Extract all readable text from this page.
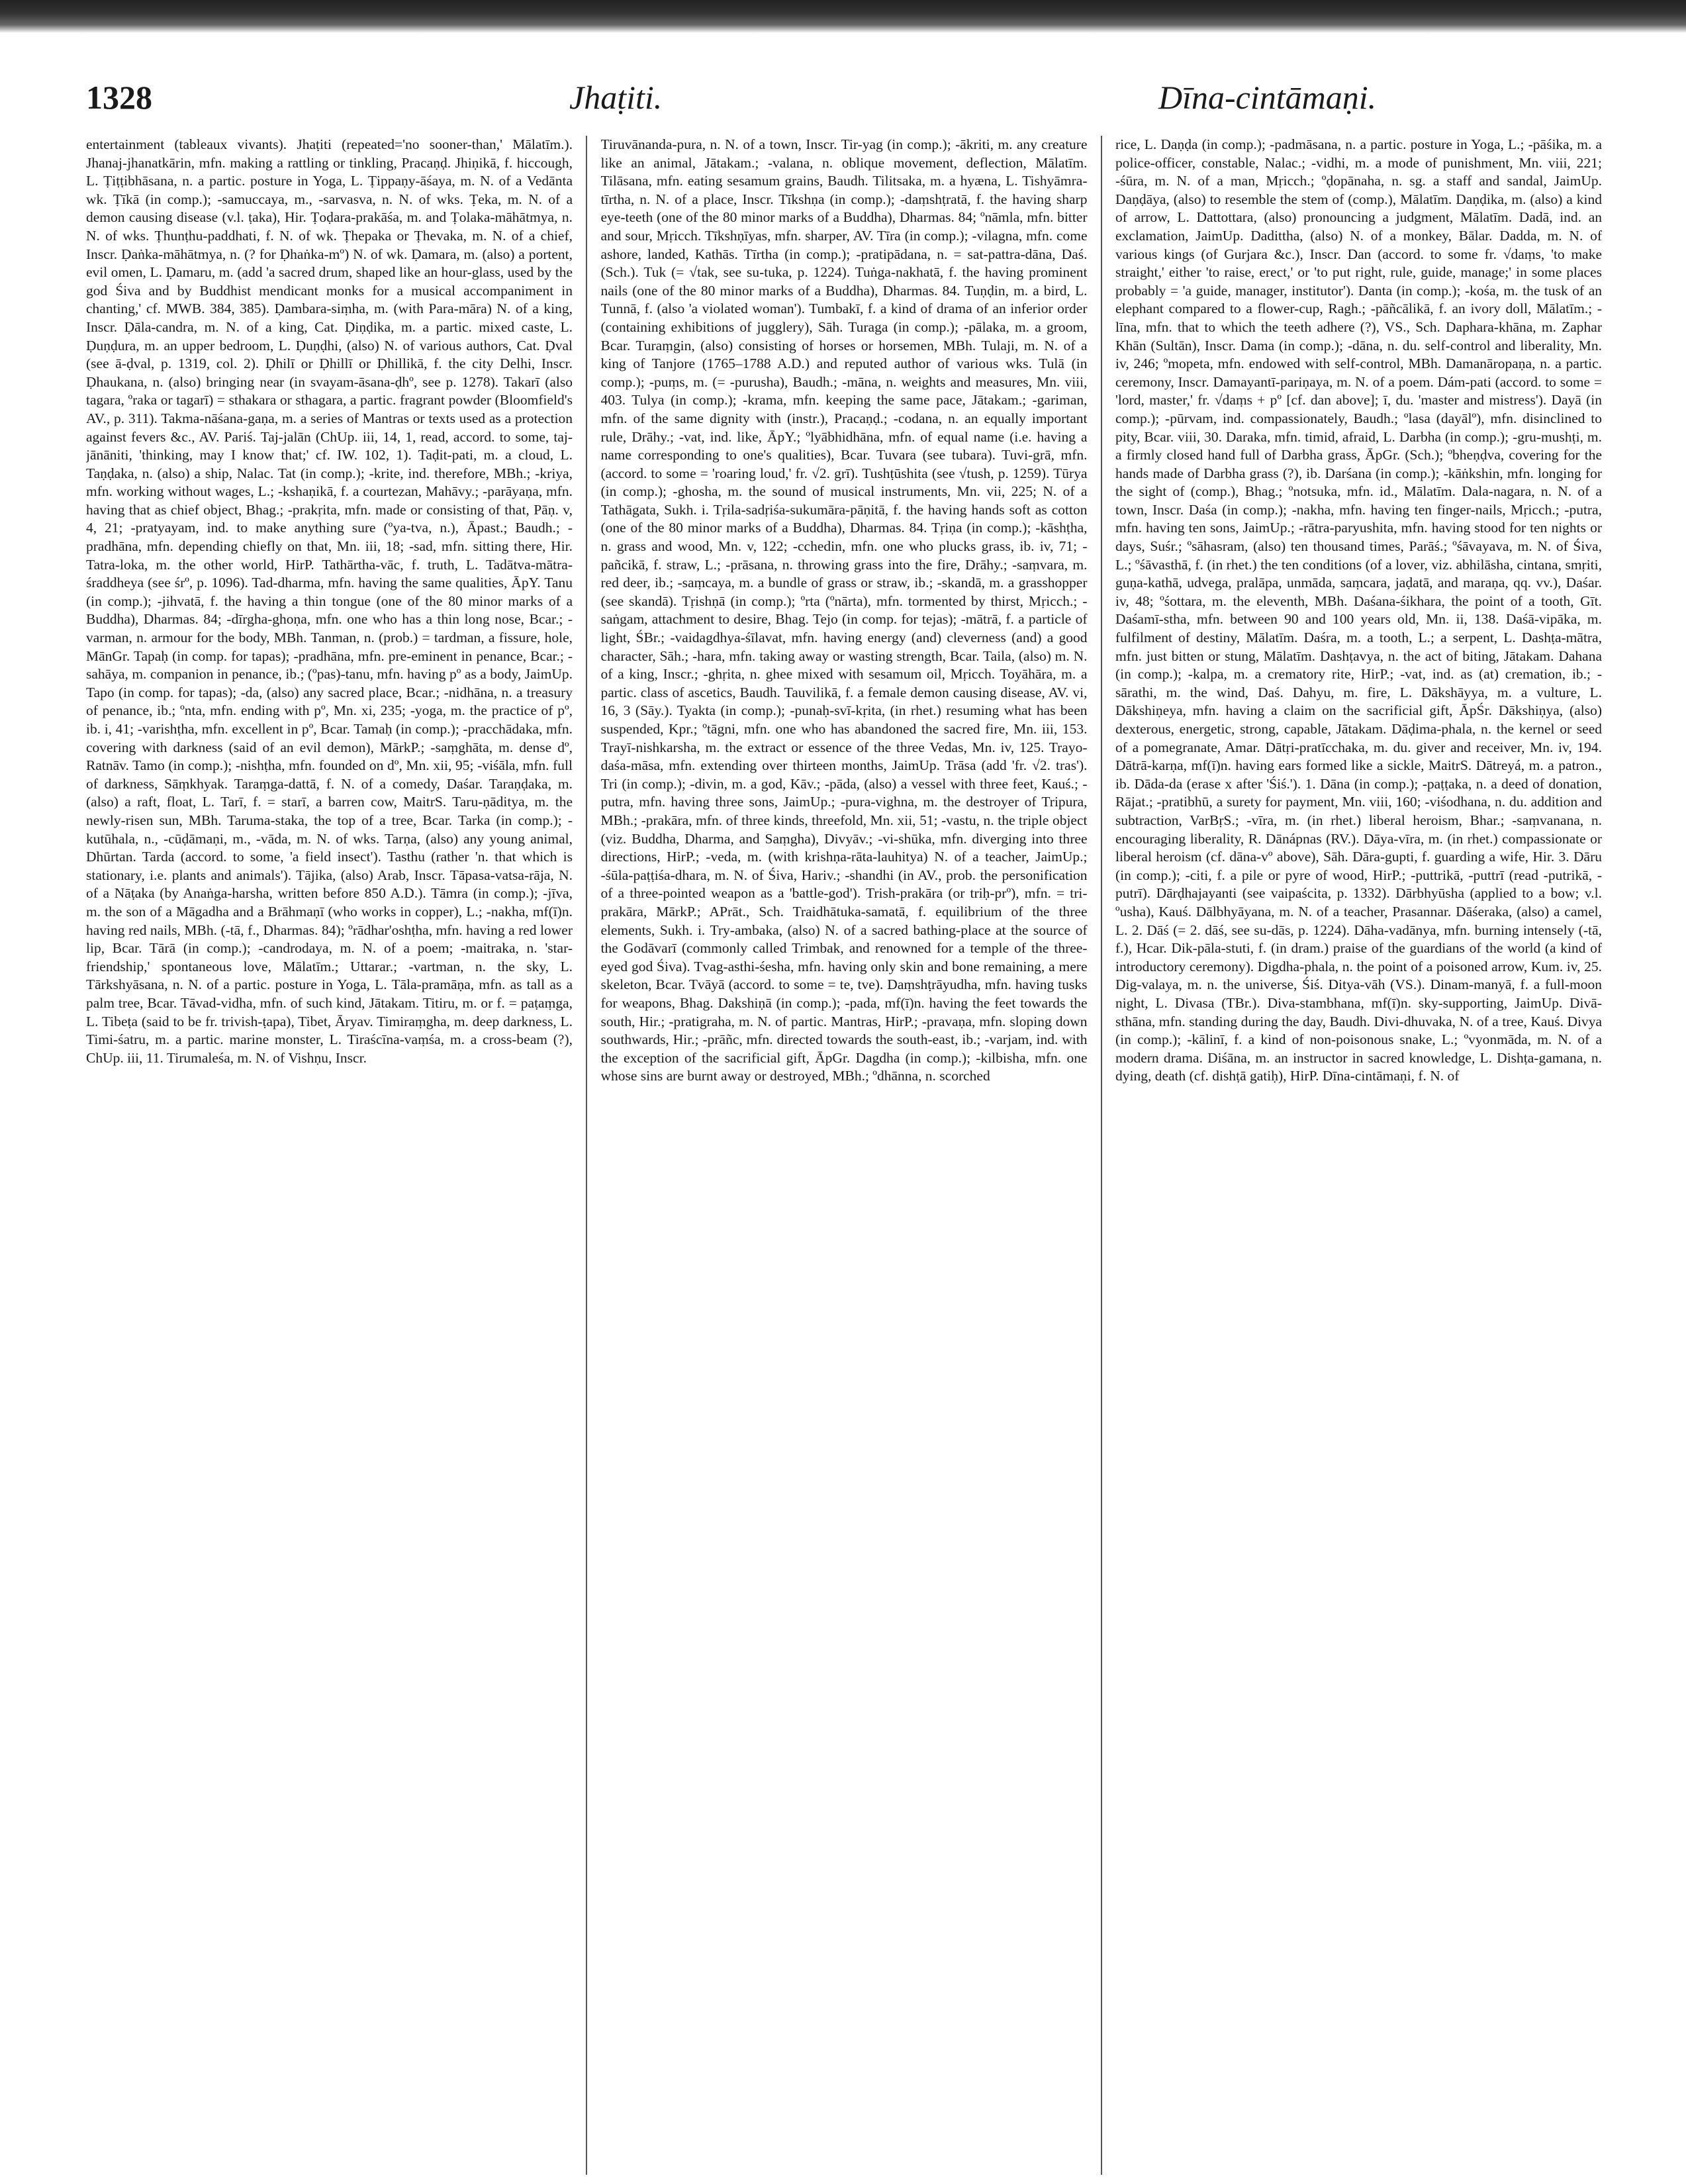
1328	Jhaṭiti.	Dīna-cintāmaṇi.

entertainment (tableaux vivants). Jhaṭiti (repeated='no sooner-than,' Mālatīm.). Jhanaj-jhanatkārin, mfn. making a rattling or tinkling, Pracaṇḍ. Jhiṇikā, f. hiccough, L. Ṭiṭṭibhāsana, n. a partic. posture in Yoga, L. Ṭippaṇy-āśaya, m. N. of a Vedānta wk. Ṭīkā (in comp.); -samuccaya, m., -sarvasva, n. N. of wks. Ṭeka, m. N. of a demon causing disease (v.l. ṭaka), Hir. Ṭoḍara-prakāśa, m. and Ṭolaka-māhātmya, n. N. of wks. Ṭhunṭhu-paddhati, f. N. of wk. Ṭhepaka or Ṭhevaka, m. N. of a chief, Inscr. Ḍaṅka-māhātmya, n. (? for Ḍhaṅka-mº) N. of wk. Ḍamara, m. (also) a portent, evil omen, L. Ḍamaru, m. (add 'a sacred drum, shaped like an hour-glass, used by the god Śiva and by Buddhist mendicant monks for a musical accompaniment in chanting,' cf. MWB. 384, 385). Ḍambara-siṃha, m. (with Para-māra) N. of a king, Inscr. Ḍāla-candra, m. N. of a king, Cat. Ḍiṇḍika, m. a partic. mixed caste, L. Ḍuṇḍura, m. an upper bedroom, L. Ḍuṇḍhi, (also) N. of various authors, Cat. Ḍval (see ā-ḍval, p. 1319, col. 2). Ḍhilī or Ḍhillī or Ḍhillikā, f. the city Delhi, Inscr. Ḍhaukana, n. (also) bringing near (in svayam-āsana-ḍhº, see p. 1278). Takarī (also tagara, ºraka or tagarī) = sthakara or sthagara, a partic. fragrant powder (Bloomfield's AV., p. 311). Takma-nāśana-gaṇa, m. a series of Mantras or texts used as a protection against fevers &c., AV. Pariś. Taj-jalān (ChUp. iii, 14, 1, read, accord. to some, taj-jānāniti, 'thinking, may I know that;' cf. IW. 102, 1). Taḍit-pati, m. a cloud, L. Taṇḍaka, n. (also) a ship, Nalac. Tat (in comp.); -krite, ind. therefore, MBh.; -kriya, mfn. working without wages, L.; -kshaṇikā, f. a courtezan, Mahāvy.; -parāyaṇa, mfn. having that as chief object, Bhag.; -prakṛita, mfn. made or consisting of that, Pāṇ. v, 4, 21; -pratyayam, ind. to make anything sure (ºya-tva, n.), Āpast.; Baudh.; -pradhāna, mfn. depending chiefly on that, Mn. iii, 18; -sad, mfn. sitting there, Hir. Tatra-loka, m. the other world, HirP. Tathārtha-vāc, f. truth, L. Tadātva-mātra-śraddheya (see śrº, p. 1096). Tad-dharma, mfn. having the same qualities, ĀpY. Tanu (in comp.); -jihvatā, f. the having a thin tongue (one of the 80 minor marks of a Buddha), Dharmas. 84; -dīrgha-ghoṇa, mfn. one who has a thin long nose, Bcar.; -varman, n. armour for the body, MBh. Tanman, n. (prob.) = tardman, a fissure, hole, MānGr. Tapaḥ (in comp. for tapas); -pradhāna, mfn. pre-eminent in penance, Bcar.; -sahāya, m. companion in penance, ib.; (ºpas)-tanu, mfn. having pº as a body, JaimUp. Tapo (in comp. for tapas); -da, (also) any sacred place, Bcar.; -nidhāna, n. a treasury of penance, ib.; ºnta, mfn. ending with pº, Mn. xi, 235; -yoga, m. the practice of pº, ib. i, 41; -varishṭha, mfn. excellent in pº, Bcar. Tamaḥ (in comp.); -pracchādaka, mfn. covering with darkness (said of an evil demon), MārkP.; -saṃghāta, m. dense dº, Ratnāv. Tamo (in comp.); -nishṭha, mfn. founded on dº, Mn. xii, 95; -viśāla, mfn. full of darkness, Sāṃkhyak. Taraṃga-dattā, f. N. of a comedy, Daśar. Taraṇḍaka, m. (also) a raft, float, L. Tarī, f. = starī, a barren cow, MaitrS. Taru-ṇāditya, m. the newly-risen sun, MBh. Taruma-staka, the top of a tree, Bcar. Tarka (in comp.); -kutūhala, n., -cūḍāmaṇi, m., -vāda, m. N. of wks. Tarṇa, (also) any young animal, Dhūrtan. Tarda (accord. to some, 'a field insect'). Tasthu (rather 'n. that which is stationary, i.e. plants and animals'). Tājika, (also) Arab, Inscr. Tāpasa-vatsa-rāja, N. of a Nāṭaka (by Anaṅga-harsha, written before 850 A.D.). Tāmra (in comp.); -jīva, m. the son of a Māgadha and a Brāhmaṇī (who works in copper), L.; -nakha, mf(ī)n. having red nails, MBh. (-tā, f., Dharmas. 84); ºrādhar'oshṭha, mfn. having a red lower lip, Bcar. Tārā (in comp.); -candrodaya, m. N. of a poem; -maitraka, n. 'star-friendship,' spontaneous love, Mālatīm.; Uttarar.; -vartman, n. the sky, L. Tārkshyāsana, n. N. of a partic. posture in Yoga, L. Tāla-pramāṇa, mfn. as tall as a palm tree, Bcar. Tāvad-vidha, mfn. of such kind, Jātakam. Titiru, m. or f. = paṭaṃga, L. Tibeṭa (said to be fr. trivish-ṭapa), Tibet, Āryav. Timiraṃgha, m. deep darkness, L. Timi-śatru, m. a partic. marine monster, L. Tiraścīna-vaṃśa, m. a cross-beam (?), ChUp. iii, 11. Tirumaleśa, m. N. of Vishṇu, Inscr.

Tiruvānanda-pura, n. N. of a town, Inscr. Tir-yag (in comp.); -ākriti, m. any creature like an animal, Jātakam.; -valana, n. oblique movement, deflection, Mālatīm. Tilāsana, mfn. eating sesamum grains, Baudh. Tilitsaka, m. a hyæna, L. Tishyāmra-tīrtha, n. N. of a place, Inscr. Tīkshṇa (in comp.); -daṃshṭratā, f. the having sharp eye-teeth (one of the 80 minor marks of a Buddha), Dharmas. 84; ºnāmla, mfn. bitter and sour, Mṛicch. Tīkshṇīyas, mfn. sharper, AV. Tīra (in comp.); -vilagna, mfn. come ashore, landed, Kathās. Tīrtha (in comp.); -pratipādana, n. = sat-pattra-dāna, Daś. (Sch.). Tuk (= √tak, see su-tuka, p. 1224). Tuṅga-nakhatā, f. the having prominent nails (one of the 80 minor marks of a Buddha), Dharmas. 84. Tuṇḍin, m. a bird, L. Tunnā, f. (also 'a violated woman'). Tumbakī, f. a kind of drama of an inferior order (containing exhibitions of jugglery), Sāh. Turaga (in comp.); -pālaka, m. a groom, Bcar. Turaṃgin, (also) consisting of horses or horsemen, MBh. Tulaji, m. N. of a king of Tanjore (1765–1788 A.D.) and reputed author of various wks. Tulā (in comp.); -puṃs, m. (= -purusha), Baudh.; -māna, n. weights and measures, Mn. viii, 403. Tulya (in comp.); -krama, mfn. keeping the same pace, Jātakam.; -gariman, mfn. of the same dignity with (instr.), Pracaṇḍ.; -codana, n. an equally important rule, Drāhy.; -vat, ind. like, ĀpY.; ºlyābhidhāna, mfn. of equal name (i.e. having a name corresponding to one's qualities), Bcar. Tuvara (see tubara). Tuvi-grā, mfn. (accord. to some = 'roaring loud,' fr. √2. grī). Tushṭūshita (see √tush, p. 1259). Tūrya (in comp.); -ghosha, m. the sound of musical instruments, Mn. vii, 225; N. of a Tathāgata, Sukh. i. Tṛila-sadṛiśa-sukumāra-pāṇitā, f. the having hands soft as cotton (one of the 80 minor marks of a Buddha), Dharmas. 84. Tṛiṇa (in comp.); -kāshṭha, n. grass and wood, Mn. v, 122; -cchedin, mfn. one who plucks grass, ib. iv, 71; -pañcikā, f. straw, L.; -prāsana, n. throwing grass into the fire, Drāhy.; -saṃvara, m. red deer, ib.; -saṃcaya, m. a bundle of grass or straw, ib.; -skandā, m. a grasshopper (see skandā). Tṛishṇā (in comp.); ºrta (ºnārta), mfn. tormented by thirst, Mṛicch.; -saṅgam, attachment to desire, Bhag. Tejo (in comp. for tejas); -mātrā, f. a particle of light, ŚBr.; -vaidagdhya-śīlavat, mfn. having energy (and) cleverness (and) a good character, Sāh.; -hara, mfn. taking away or wasting strength, Bcar. Taila, (also) m. N. of a king, Inscr.; -ghṛita, n. ghee mixed with sesamum oil, Mṛicch. Toyāhāra, m. a partic. class of ascetics, Baudh. Tauvilikā, f. a female demon causing disease, AV. vi, 16, 3 (Sāy.). Tyakta (in comp.); -punaḥ-svī-kṛita, (in rhet.) resuming what has been suspended, Kpr.; ºtāgni, mfn. one who has abandoned the sacred fire, Mn. iii, 153. Trayī-nishkarsha, m. the extract or essence of the three Vedas, Mn. iv, 125. Trayo-daśa-māsa, mfn. extending over thirteen months, JaimUp. Trāsa (add 'fr. √2. tras'). Tri (in comp.); -divin, m. a god, Kāv.; -pāda, (also) a vessel with three feet, Kauś.; -putra, mfn. having three sons, JaimUp.; -pura-vighna, m. the destroyer of Tripura, MBh.; -prakāra, mfn. of three kinds, threefold, Mn. xii, 51; -vastu, n. the triple object (viz. Buddha, Dharma, and Saṃgha), Divyāv.; -vi-shūka, mfn. diverging into three directions, HirP.; -veda, m. (with krishṇa-rāta-lauhitya) N. of a teacher, JaimUp.; -śūla-paṭṭiśa-dhara, m. N. of Śiva, Hariv.; -shandhi (in AV., prob. the personification of a three-pointed weapon as a 'battle-god'). Trish-prakāra (or triḥ-prº), mfn. = tri-prakāra, MārkP.; APrāt., Sch. Traidhātuka-samatā, f. equilibrium of the three elements, Sukh. i. Try-ambaka, (also) N. of a sacred bathing-place at the source of the Godāvarī (commonly called Trimbak, and renowned for a temple of the three-eyed god Śiva). Tvag-asthi-śesha, mfn. having only skin and bone remaining, a mere skeleton, Bcar. Tvāyā (accord. to some = te, tve). Daṃshṭrāyudha, mfn. having tusks for weapons, Bhag. Dakshiṇā (in comp.); -pada, mf(ī)n. having the feet towards the south, Hir.; -pratigraha, m. N. of partic. Mantras, HirP.; -pravaṇa, mfn. sloping down southwards, Hir.; -prāñc, mfn. directed towards the south-east, ib.; -varjam, ind. with the exception of the sacrificial gift, ĀpGr. Dagdha (in comp.); -kilbisha, mfn. one whose sins are burnt away or destroyed, MBh.; ºdhānna, n. scorched

rice, L. Daṇḍa (in comp.); -padmāsana, n. a partic. posture in Yoga, L.; -pāśika, m. a police-officer, constable, Nalac.; -vidhi, m. a mode of punishment, Mn. viii, 221; -śūra, m. N. of a man, Mṛicch.; ºḍopānaha, n. sg. a staff and sandal, JaimUp. Daṇḍāya, (also) to resemble the stem of (comp.), Mālatīm. Daṇḍika, m. (also) a kind of arrow, L. Dattottara, (also) pronouncing a judgment, Mālatīm. Dadā, ind. an exclamation, JaimUp. Dadittha, (also) N. of a monkey, Bālar. Dadda, m. N. of various kings (of Gurjara &c.), Inscr. Dan (accord. to some fr. √daṃs, 'to make straight,' either 'to raise, erect,' or 'to put right, rule, guide, manage;' in some places probably = 'a guide, manager, institutor'). Danta (in comp.); -kośa, m. the tusk of an elephant compared to a flower-cup, Ragh.; -pāñcālikā, f. an ivory doll, Mālatīm.; -līna, mfn. that to which the teeth adhere (?), VS., Sch. Daphara-khāna, m. Zaphar Khān (Sultān), Inscr. Dama (in comp.); -dāna, n. du. self-control and liberality, Mn. iv, 246; ºmopeta, mfn. endowed with self-control, MBh. Damanāropaṇa, n. a partic. ceremony, Inscr. Damayantī-pariṇaya, m. N. of a poem. Dám-pati (accord. to some = 'lord, master,' fr. √daṃs + pº [cf. dan above]; ī, du. 'master and mistress'). Dayā (in comp.); -pūrvam, ind. compassionately, Baudh.; ºlasa (dayālº), mfn. disinclined to pity, Bcar. viii, 30. Daraka, mfn. timid, afraid, L. Darbha (in comp.); -gru-mushṭi, m. a firmly closed hand full of Darbha grass, ĀpGr. (Sch.); ºbheṇḍva, covering for the hands made of Darbha grass (?), ib. Darśana (in comp.); -kāṅkshin, mfn. longing for the sight of (comp.), Bhag.; ºnotsuka, mfn. id., Mālatīm. Dala-nagara, n. N. of a town, Inscr. Daśa (in comp.); -nakha, mfn. having ten finger-nails, Mṛicch.; -putra, mfn. having ten sons, JaimUp.; -rātra-paryushita, mfn. having stood for ten nights or days, Suśr.; ºsāhasram, (also) ten thousand times, Parāś.; ºśāvayava, m. N. of Śiva, L.; ºśāvasthā, f. (in rhet.) the ten conditions (of a lover, viz. abhilāsha, cintana, smṛiti, guṇa-kathā, udvega, pralāpa, unmāda, saṃcara, jaḍatā, and maraṇa, qq. vv.), Daśar. iv, 48; ºśottara, m. the eleventh, MBh. Daśana-śikhara, the point of a tooth, Gīt. Daśamī-stha, mfn. between 90 and 100 years old, Mn. ii, 138. Daśā-vipāka, m. fulfilment of destiny, Mālatīm. Daśra, m. a tooth, L.; a serpent, L. Dashṭa-mātra, mfn. just bitten or stung, Mālatīm. Dashṭavya, n. the act of biting, Jātakam. Dahana (in comp.); -kalpa, m. a crematory rite, HirP.; -vat, ind. as (at) cremation, ib.; -sārathi, m. the wind, Daś. Dahyu, m. fire, L. Dākshāyya, m. a vulture, L. Dākshiṇeya, mfn. having a claim on the sacrificial gift, ĀpŚr. Dākshiṇya, (also) dexterous, energetic, strong, capable, Jātakam. Dāḍima-phala, n. the kernel or seed of a pomegranate, Amar. Dātṛi-pratīcchaka, m. du. giver and receiver, Mn. iv, 194. Dātrā-karṇa, mf(ī)n. having ears formed like a sickle, MaitrS. Dātreyá, m. a patron., ib. Dāda-da (erase x after 'Śiś.'). 1. Dāna (in comp.); -paṭṭaka, n. a deed of donation, Rājat.; -pratibhū, a surety for payment, Mn. viii, 160; -viśodhana, n. du. addition and subtraction, VarBṛS.; -vīra, m. (in rhet.) liberal heroism, Bhar.; -saṃvanana, n. encouraging liberality, R. Dānápnas (RV.). Dāya-vīra, m. (in rhet.) compassionate or liberal heroism (cf. dāna-vº above), Sāh. Dāra-gupti, f. guarding a wife, Hir. 3. Dāru (in comp.); -citi, f. a pile or pyre of wood, HirP.; -puttrikā, -puttrī (read -putrikā, -putrī). Dārḍhajayanti (see vaipaścita, p. 1332). Dārbhyūsha (applied to a bow; v.l. ºusha), Kauś. Dālbhyāyana, m. N. of a teacher, Prasannar. Dāśeraka, (also) a camel, L. 2. Dāś (= 2. dāś, see su-dās, p. 1224). Dāha-vadānya, mfn. burning intensely (-tā, f.), Hcar. Dik-pāla-stuti, f. (in dram.) praise of the guardians of the world (a kind of introductory ceremony). Digdha-phala, n. the point of a poisoned arrow, Kum. iv, 25. Dig-valaya, m. n. the universe, Śiś. Ditya-vāh (VS.). Dinam-manyā, f. a full-moon night, L. Divasa (TBr.). Diva-stambhana, mf(ī)n. sky-supporting, JaimUp. Divā-sthāna, mfn. standing during the day, Baudh. Divi-dhuvaka, N. of a tree, Kauś. Divya (in comp.); -kālinī, f. a kind of non-poisonous snake, L.; ºvyonmāda, m. N. of a modern drama. Diśāna, m. an instructor in sacred knowledge, L. Dishṭa-gamana, n. dying, death (cf. dishṭā gatiḥ), HirP. Dīna-cintāmaṇi, f. N. of
